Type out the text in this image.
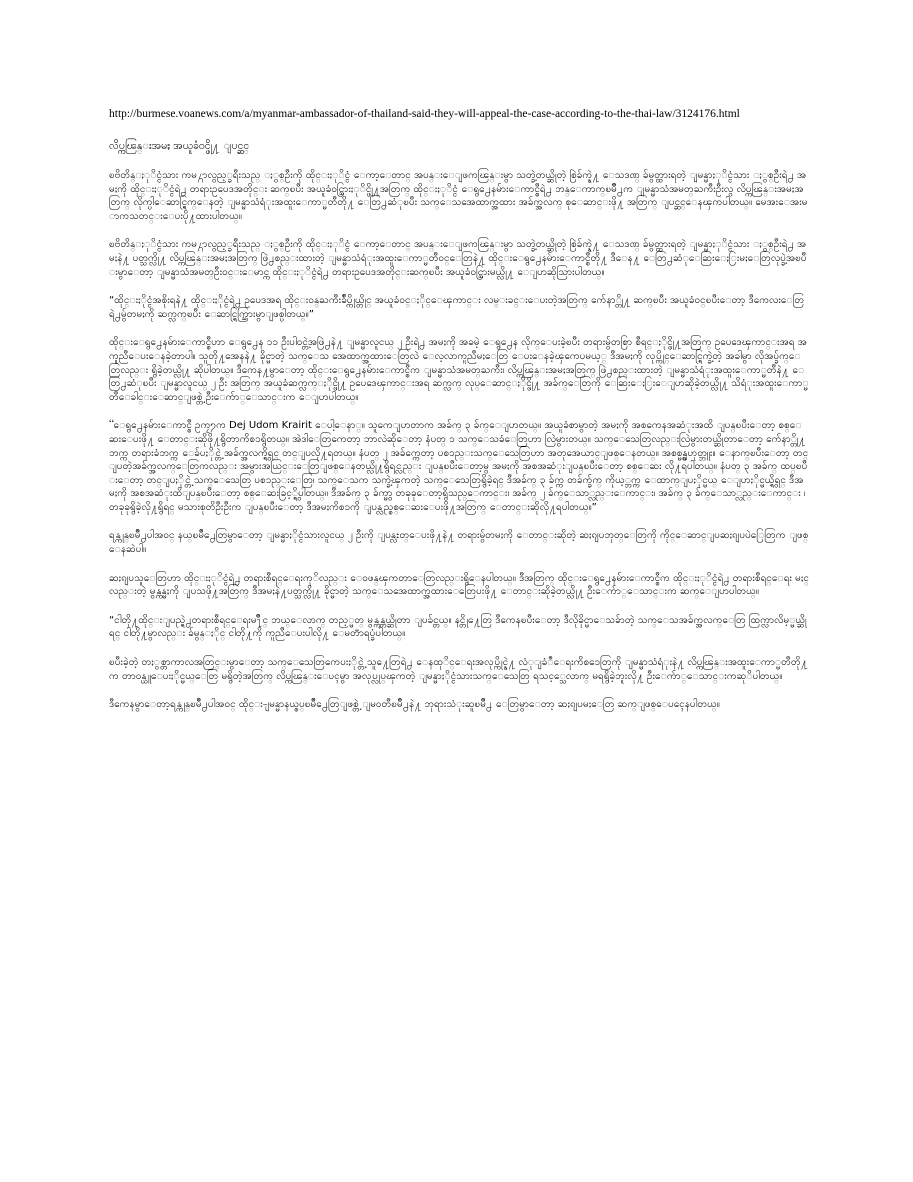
http://burmese.voanews.com/a/myanmar-ambassador-of-thailand-said-they-will-appeal-the-case-according-to-the-thai-law/3124176.html
လိပ္ကၽြန္းအမႈ အယူခံ၀င္ဖို႔ ျပင္ဆင္
ၿဗိတိန္ႏုိင္ငံသား ကမ႓ာလွည့္ခရီးသည္ ႏွစ္ဦးကို ထိုင္းႏုိင္ငံ ေကာ့ေတာင္ အပန္းေျဖကၽြန္းမွာ သတ္ခဲ့တယ္ဆိုတဲ့ စြဲခ်က္နဲ႔ ေသဒဏ္ ခ်မွတ္ထားရတဲ့ ျမန္မာႏုိင္ငံသား ႏွစ္ဦးရဲ႕ အမႈကို ထိုင္းႏုိင္ငံရဲ႕ တရားဥပေဒအတိုင္း ဆက္ၿပီး အယူခံ၀င္သြားႏုိင္ဖို႔အတြက္ ထိုင္းႏုိင္ငံ ေရွ႕ေနမ်ားေကာင္စီရဲ႕ ဘန္ေကာက္ၿမိဳ႕က ျမန္မာသံအမတ္ႀကီးဦးလွ လိပ္ကၽြန္းအမႈအတြက္ လိုက္ပါေဆာင္ရြက္ေနတဲ့ ျမန္မာသံရံုးအထူးေကာ္မတီတို႔ ေတြ႕ဆံုၿပီး သက္ေသအေထာက္အထား အခ်က္အလက္ စုေဆာင္းဖို႔ အတြက္ ျပင္ဆင္ေနၾကပါတယ္။ မေအးေအးမာကသတင္းေပးပို႔ထားပါတယ္။
ၿဗိတိန္ႏုိင္ငံသား ကမ႓ာလွည့္ခရီးသည္ ႏွစ္ဦးကို ထိုင္းႏုိင္ငံ ေကာ့ေတာင္ အပန္းေျဖကၽြန္းမွာ သတ္ခဲ့တယ္ဆိုတဲ့ စြဲခ်က္နဲ႔ ေသဒဏ္ ခ်မွတ္ထားရတဲ့ ျမန္မာႏုိင္ငံသား ႏွစ္ဦးရဲ႕ အမႈနဲ႔ ပတ္သက္လို႔ လိပ္ကၽြန္းအမႈအတြက္ ဖြဲ႕စည္းထားတဲ့ ျမန္မာသံရံုးအထူးေကာ္မတီ၀င္ေတြနဲ႔ ထိုင္းေရွ႕ေနမ်ားေကာင္စီတို႔ ဒီေန႔ ေတြ႕ဆံုေဆြးေႏြးမႈေတြလုပ္ခဲ့အၿပီးမွာေတာ့ ျမန္မာသံအမတ္ဦး၀င္းေမာင္က ထိုင္းႏုိင္ငံရဲ႕ တရားဥပေဒအတိုင္းဆက္ၿပီး အယူခံ၀င္သြားမယ္လို႔ ေျပာဆိုသြားပါတယ္။
“ထိုင္းႏိုင္ငံအစိုးရနဲ႔ ထိုင္းႏိုင္ငံရဲ႕ ဥပေဒအရ ထိုင္း၀န္ႀကီးခ်ဳပ္ကိုယ္တိုင္ အယူခံ၀င္ႏိုင္ေၾကာင္း လမ္းခင္းေပးတဲ့အတြက္ က်ေနာ္တို႔ ဆက္ၿပီး အယူခံ၀င္ၿပီးေတာ့ ဒီကေလးေတြရဲ႕မွ်တမႈကို ဆက္လက္ၿပီး ေဆာင္ရြက္သြားမွာျဖစ္ပါတယ္။”
ထိုင္းေရွ႕ေနမ်ားေကာင္စီဟာ ေရွ႕ေန ၁၁ ဦးပါ၀င္တဲ့အဖြဲ႕နဲ႔ ျမန္မာလူငယ္ ၂ ဦးရဲ႕ အမႈကို အခမဲ့ ေရွ႕ေန လိုက္ေပးခဲ့ၿပီး တရားမွ်တစြာ စီရင္ႏိုင္ဖို႔အတြက္ ဥပေဒေၾကာင္းအရ အကူညီေပးေနခဲ့တာပါ။ သူတို႔အေနနဲ႔ ခိုင္မာတဲ့ သက္ေသ အေထာက္အထားေတြလဲ ေလ့လာကူညီမႈေတြ ေပးေနခဲ့ၾကေပမယ့္ ဒီအမႈကို လုပ္ကိုင္ေဆာင္ရြက္ခဲ့တဲ့ အခါမွာ လိုအပ္ခ်က္ေတြလည္း ရွိခဲ့တယ္လို႔ ဆိုပါတယ္။ ဒီကေန႔မွာေတာ့ ထိုင္းေရွ႕ေနမ်ားေကာင္စီက ျမန္မာသံအမတ္ႀကီး၊ လိပ္ကၽြန္းအမႈအတြက္ ဖြဲ႕စည္းထားတဲ့ ျမန္မာသံရံုးအထူးေကာ္မတီနဲ႔ ေတြ႕ဆံုၿပီး ျမန္မာလူငယ္ ၂ ဦး အတြက္ အယူခံဆက္လက္ႏိုင္ဖို႔ ဥပေဒေၾကာင္းအရ ဆက္လက္ လုပ္ေဆာင္ႏိုင္ဖို႔ အခ်က္ေတြကို ေဆြးေႏြးေျပာဆိုခဲ့တယ္လို႔ သိရံုးအထူးေကာ္မတီေခါင္းေဆာင္ျဖစ္တဲ့ ဦးေက်ာ္ေသာင္းက ေျပာပါတယ္။
“ေရွ႕ေနမ်ားေကာင္စီ ဥကၠ႒က Dej Udom Krairit ေပါ့ေနာ္။ သူကေျပာတာက အခ်က္ ၃ ခ်က္ေျပာတယ္။ အယူခံစာမွာတဲ့ အမႈကို အစကေနအဆံုးအထိ ျပန္ၿပီးေတာ့ စစ္ေဆးေပးဖို႔ ေတာင္းဆိုဖို႔ရွိတာကိစၥရွိတယ္။ အဲဒါေတြကေတာ့ ဘာလဲဆိုေတာ့ နံပတ္ ၁ သက္ေသခံေတြဟာ လြဲမွားတယ္။ သက္ေသေတြလည္းလြဲမွားတယ္ဆိုတာေတာ့ က်ေနာ္တို႔ဘက္က တရားခံဘက္က ေခ်ပႏိုင္တဲ့ အခ်က္အလက္ရွိရင္ တင္ျပလို႔ရတယ္။ နံပတ္ ၂ အခ်က္ကေတာ့ ပစၥည္းသက္ေသေတြဟာ အတုအေယာင္ျဖစ္ေနတယ္။ အစစ္မွန္မဟုတ္ဘူး။ ေနာက္ၿပီးေတာ့ တင္ျပတဲ့အခ်က္အလက္ေတြကလည္း အမွားအယြင္းေတြျဖစ္ေနတယ္လို႔ရွိရင္လည္း ျပန္ၿပီးေတာ့မွ အမႈကို အစအဆံုးျပန္ၿပီးေတာ့ စစ္ေဆး လို႔ရပါတယ္။ နံပတ္ ၃ အခ်က္ ထပ္ၿပီးေတာ့ တင္ျပႏိုင္တဲ့ သက္ေသေတြ ပစၥည္းေတြ၊ သက္ေသက သက္ခဲ့ၾကတဲ့ သက္ေသေတြရွိခဲ့ရင္ ဒီအခ်က္ ၃ ခ်က္က တခ်က္ခ်က္ ကိုယ့္ဘက္က ေထာက္ျပႏိုင္မယ္ ေျပာႏိုင္မယ္ရွိရင္ ဒီအမႈကို အစအဆံုးထိျပန္ၿပီးေတာ့ စစ္ေဆးခြင့္ရွိပါတယ္။ ဒီအခ်က္ ၃ ခ်က္မွာ တခုခုေတာ့ရွိသည္ေကာင္း၊ အခ်က္ ၂ ခ်က္ေသာ္လည္းေကာင္း၊ အခ်က္ ၃ ခ်က္ေသာ္လည္းေကာင္း ၊ တခုခုရွိခဲ့လို႔ရွိရင္ မသားစုတိဦးဦးက ျပန္ၿပီးေတာ့ ဒီအမႈကိစၥကို ျပန္လည္စစ္ေဆးေပးဖို႔အတြက္ ေတာင္းဆိုလို႔ရပါတယ္။”
ရန္ကုန္ၿမိဳ႕ပါအ၀င္ နယ္ၿမိဳ႕ေတြမွာေတာ့ ျမန္မာႏိုင္ငံသားလူငယ္ ၂ ဦးကို ျပန္လႊတ္ေပးဖို႔နဲ႔ တရားမွ်တမႈကို ေတာင္းဆိုတဲ့ ဆႏၵျပဘုတ္ေတြကို ကိုင္ေဆာင္ျပဆႏၵျပပဲြေတြက ျဖစ္ေနဆဲပါ။
ဆႏၵျပသူေတြဟာ ထိုင္းႏုိင္ငံရဲ႕ တရားစီရင္ေရးကုိလည္း ေ၀ဖန္ၾကတာေတြလည္းရွိေနပါတယ္။ ဒီအတြက္ ထိုင္းေရွ႕ေနမ်ားေကာင္စီက ထိုင္းႏုိင္ငံရဲ႕ တရားစီရင္ေရး မႈင္လည္းတဲ့ မွန္ကန္မႈကို ျပသဖို႔အတြက္ ဒီအမႈနဲ႔ပတ္သက္လို႔ ခိုင္မာတဲ့ သက္ေသအေထာက္အထားေတြေပးဖို႔ ေတာင္းဆိုခဲ့တယ္လို႔ ဦးေက်ာ္ေသာင္းက ဆက္ေျပာပါတယ္။
“ငါတို႔ထိုင္းျပည္ရဲ႕တရားစီရင္ေရးမ႑ိဳင္ ဘယ္ေလာက္ တည့္မတ္ မွန္ကန္တယ္ဆိုတာ ျပခ်င္တယ္။ နင္တို႔ေတြ ဒီကေနၿပီးေတာ့ ဒီလိုခိုင္မာေသခ်ာတဲ့ သက္ေသအခ်က္အလက္ေတြ ထြက္လာလိမ့္မယ္ဆိုရင္ ငါတို႔မွာလည္း ခ်မွန္ႏိုင္ ငါတို႔ကို ကူညီေပးပါလို႔ ေမတၱာရပ္ခံပါတယ္။
ၿပီးခဲ့တဲ့ တႏွစ္တာကာလအတြင္းမွာေတာ့ သက္ေသေတြကေပးႏိုင္တဲ့ သူ႔ေတြရဲ႕ ေနထုိင္ေရးအလုပ္ကိုင္နဲ႔ လံုျခံဳေရးကိစၥေတြကို ျမန္မာသံရံုးနဲ႔ လိပ္ကၽြန္းအထူးေကာ္မတီတို႔က တာ၀န္ယူေပးႏိုင္မယ္ေတြ မရွိတဲ့အတြက္ လိပ္ကၽြန္းေပၚမွာ အလုပ္လုပ္ၾကတဲ့ ျမန္မာႏိုင္ငံသားသက္ေသေတြ ရသင့္သေလာက္ မရရွိခဲ့ဘူးလို႔ ဦးေက်ာ္ေသာင္းကဆုိပါတယ္။
ဒီကေနမွာေတာ့ရန္ကုန္ၿမိဳ႕ပါအ၀င္ ထိုင္း-ျမန္မာနယ္စပ္ၿမိဳ႕ေတြျဖစ္တဲ့ ျမ၀တီၿမိဳ႕နဲ႔ ဘုရားသံုးဆူၿမိဳ႕ ေတြမွာေတာ့ ဆႏၵျပမႈေတြ ဆက္ျဖစ္ေပၚေနပါတယ္။
